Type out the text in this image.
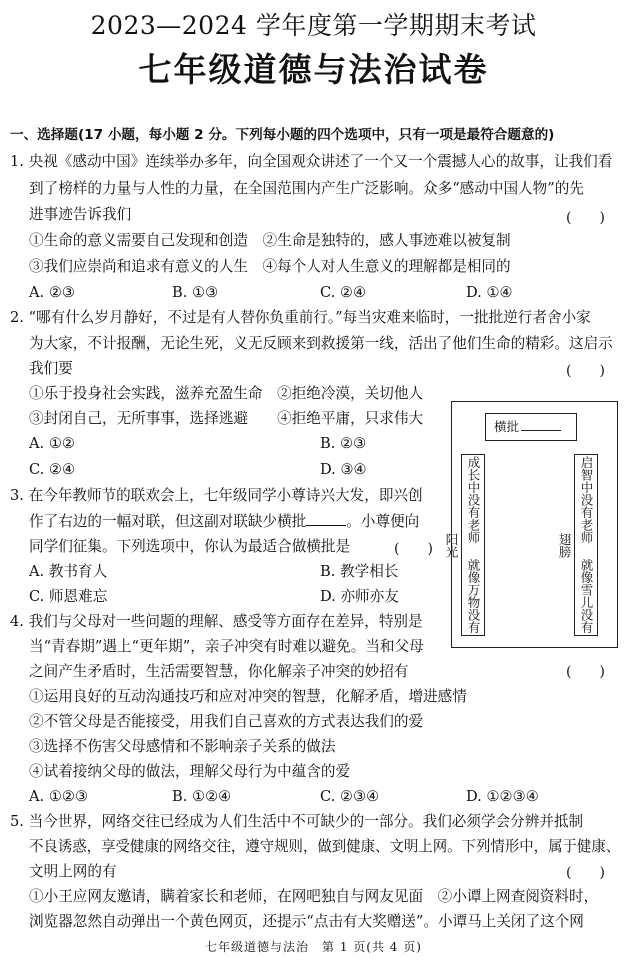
2023—2024 学年度第一学期期末考试
七年级道德与法治试卷
一、选择题(17 小题，每小题 2 分。下列每小题的四个选项中，只有一项是最符合题意的)
1. 央视《感动中国》连续举办多年，向全国观众讲述了一个又一个震撼人心的故事，让我们看
到了榜样的力量与人性的力量，在全国范围内产生广泛影响。众多“感动中国人物”的先
进事迹告诉我们	(　　)
①生命的意义需要自己发现和创造　②生命是独特的，感人事迹难以被复制
③我们应崇尚和追求有意义的人生　④每个人对人生意义的理解都是相同的
A. ②③	B. ①③	C. ②④	D. ①④
2. “哪有什么岁月静好，不过是有人替你负重前行。”每当灾难来临时，一批批逆行者舍小家
为大家，不计报酬，无论生死，义无反顾来到救援第一线，活出了他们生命的精彩。这启示
我们要	(　　)
①乐于投身社会实践，滋养充盈生命　②拒绝冷漠，关切他人
③封闭自己，无所事事，选择逃避　　④拒绝平庸，只求伟大
A. ①②	B. ②③
C. ②④	D. ③④
3. 在今年教师节的联欢会上，七年级同学小尊诗兴大发，即兴创
作了右边的一幅对联，但这副对联缺少横批	。小尊便向
同学们征集。下列选项中，你认为最适合做横批是	(　　)
A. 教书育人	B. 教学相长
C. 师恩难忘	D. 亦师亦友
横批
成长中没有老师 就像万物没有阳光	启智中没有老师 就像雪儿没有翅膀
4. 我们与父母对一些问题的理解、感受等方面存在差异，特别是
当“青春期”遇上“更年期”，亲子冲突有时难以避免。当和父母
之间产生矛盾时，生活需要智慧，你化解亲子冲突的妙招有	(　　)
①运用良好的互动沟通技巧和应对冲突的智慧，化解矛盾，增进感情
②不管父母是否能接受，用我们自己喜欢的方式表达我们的爱
③选择不伤害父母感情和不影响亲子关系的做法
④试着接纳父母的做法，理解父母行为中蕴含的爱
A. ①②③	B. ①②④	C. ②③④	D. ①②③④
5. 当今世界，网络交往已经成为人们生活中不可缺少的一部分。我们必须学会分辨并抵制
不良诱惑，享受健康的网络交往，遵守规则，做到健康、文明上网。下列情形中，属于健康、
文明上网的有	(　　)
①小王应网友邀请，瞒着家长和老师，在网吧独自与网友见面　②小谭上网查阅资料时，
浏览器忽然自动弹出一个黄色网页，还提示“点击有大奖赠送”。小谭马上关闭了这个网
七年级道德与法治　第 1 页(共 4 页)
